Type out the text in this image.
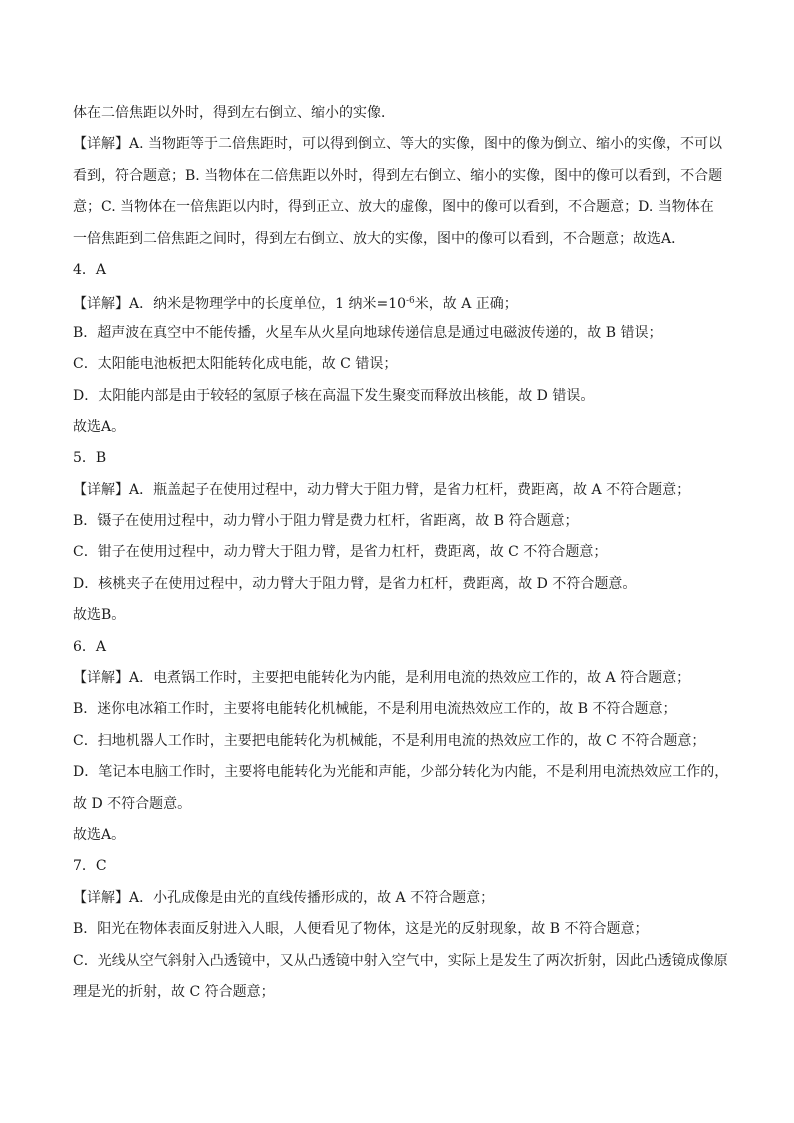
体在二倍焦距以外时，得到左右倒立、缩小的实像．
【详解】A. 当物距等于二倍焦距时，可以得到倒立、等大的实像，图中的像为倒立、缩小的实像，不可以
看到，符合题意；B. 当物体在二倍焦距以外时，得到左右倒立、缩小的实像，图中的像可以看到，不合题
意；C. 当物体在一倍焦距以内时，得到正立、放大的虚像，图中的像可以看到，不合题意；D. 当物体在
一倍焦距到二倍焦距之间时，得到左右倒立、放大的实像，图中的像可以看到，不合题意；故选A．
4．A
【详解】A．纳米是物理学中的长度单位，1 纳米$=10^{-6}$米，故 A 正确；
B．超声波在真空中不能传播，火星车从火星向地球传递信息是通过电磁波传递的，故 B 错误；
C．太阳能电池板把太阳能转化成电能，故 C 错误；
D．太阳能内部是由于较轻的氢原子核在高温下发生聚变而释放出核能，故 D 错误。
故选A。
5．B
【详解】A．瓶盖起子在使用过程中，动力臂大于阻力臂，是省力杠杆，费距离，故 A 不符合题意；
B．镊子在使用过程中，动力臂小于阻力臂是费力杠杆，省距离，故 B 符合题意；
C．钳子在使用过程中，动力臂大于阻力臂，是省力杠杆，费距离，故 C 不符合题意；
D．核桃夹子在使用过程中，动力臂大于阻力臂，是省力杠杆，费距离，故 D 不符合题意。
故选B。
6．A
【详解】A．电煮锅工作时，主要把电能转化为内能，是利用电流的热效应工作的，故 A 符合题意；
B．迷你电冰箱工作时，主要将电能转化机械能，不是利用电流热效应工作的，故 B 不符合题意；
C．扫地机器人工作时，主要把电能转化为机械能，不是利用电流的热效应工作的，故 C 不符合题意；
D．笔记本电脑工作时，主要将电能转化为光能和声能，少部分转化为内能，不是利用电流热效应工作的，
故 D 不符合题意。
故选A。
7．C
【详解】A．小孔成像是由光的直线传播形成的，故 A 不符合题意；
B．阳光在物体表面反射进入人眼，人便看见了物体，这是光的反射现象，故 B 不符合题意；
C．光线从空气斜射入凸透镜中，又从凸透镜中射入空气中，实际上是发生了两次折射，因此凸透镜成像原
理是光的折射，故 C 符合题意；
